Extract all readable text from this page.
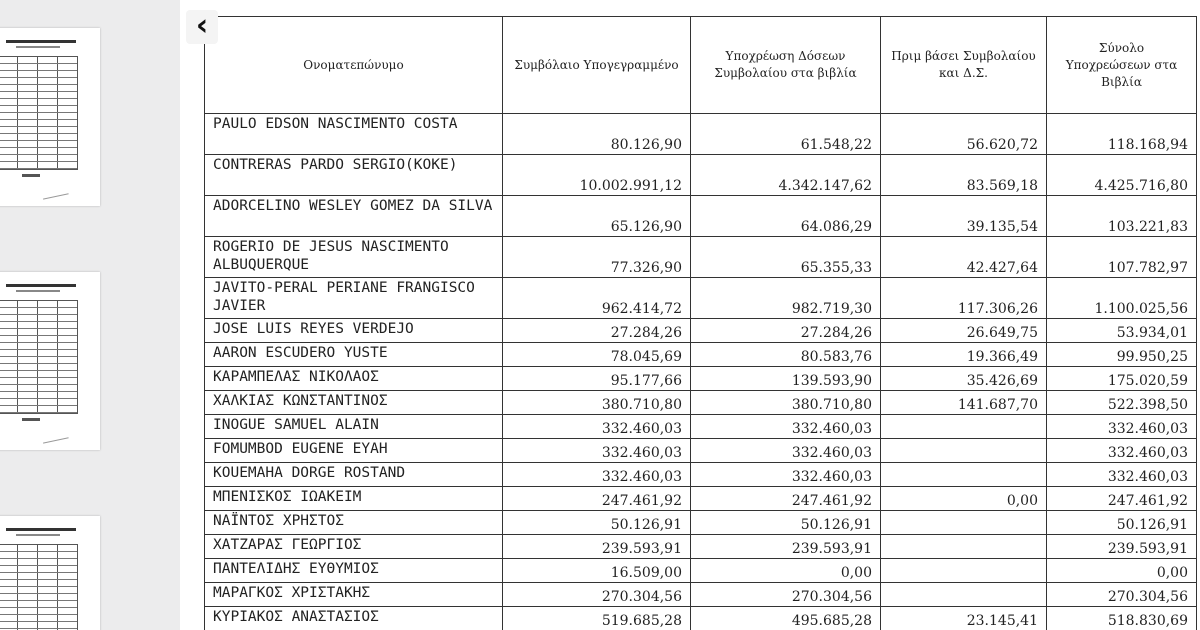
Ονοματεπώνυμο	Συμβόλαιο Υπογεγραμμένο	Υποχρέωση Δόσεων Συμβολαίου στα βιβλία	Πριμ βάσει Συμβολαίου και Δ.Σ.	Σύνολο Υποχρεώσεων στα Βιβλία
PAULO EDSON NASCIMENTO COSTA	80.126,90	61.548,22	56.620,72	118.168,94
CONTRERAS PARDO SERGIO(KOKE)	10.002.991,12	4.342.147,62	83.569,18	4.425.716,80
ADORCELINO WESLEY GOMEZ DA SILVA	65.126,90	64.086,29	39.135,54	103.221,83
ROGERIO DE JESUS NASCIMENTO ALBUQUERQUE	77.326,90	65.355,33	42.427,64	107.782,97
JAVITO-PERAL PERIANE FRANGISCO JAVIER	962.414,72	982.719,30	117.306,26	1.100.025,56
JOSE LUIS REYES VERDEJO	27.284,26	27.284,26	26.649,75	53.934,01
AARON ESCUDERO YUSTE	78.045,69	80.583,76	19.366,49	99.950,25
ΚΑΡΑΜΠΕΛΑΣ ΝΙΚΟΛΑΟΣ	95.177,66	139.593,90	35.426,69	175.020,59
ΧΑΛΚΙΑΣ ΚΩΝΣΤΑΝΤΙΝΟΣ	380.710,80	380.710,80	141.687,70	522.398,50
INOGUE SAMUEL ALAIN	332.460,03	332.460,03		332.460,03
FOMUMBOD EUGENE EYAH	332.460,03	332.460,03		332.460,03
KOUEMAHA DORGE ROSTAND	332.460,03	332.460,03		332.460,03
ΜΠΕΝΙΣΚΟΣ ΙΩΑΚΕΙΜ	247.461,92	247.461,92	0,00	247.461,92
ΝΑΪΝΤΟΣ ΧΡΗΣΤΟΣ	50.126,91	50.126,91		50.126,91
ΧΑΤΖΑΡΑΣ ΓΕΩΡΓΙΟΣ	239.593,91	239.593,91		239.593,91
ΠΑΝΤΕΛΙΔΗΣ ΕΥΘΥΜΙΟΣ	16.509,00	0,00		0,00
ΜΑΡΑΓΚΟΣ ΧΡΙΣΤΑΚΗΣ	270.304,56	270.304,56		270.304,56
ΚΥΡΙΑΚΟΣ ΑΝΑΣΤΑΣΙΟΣ	519.685,28	495.685,28	23.145,41	518.830,69
‹
